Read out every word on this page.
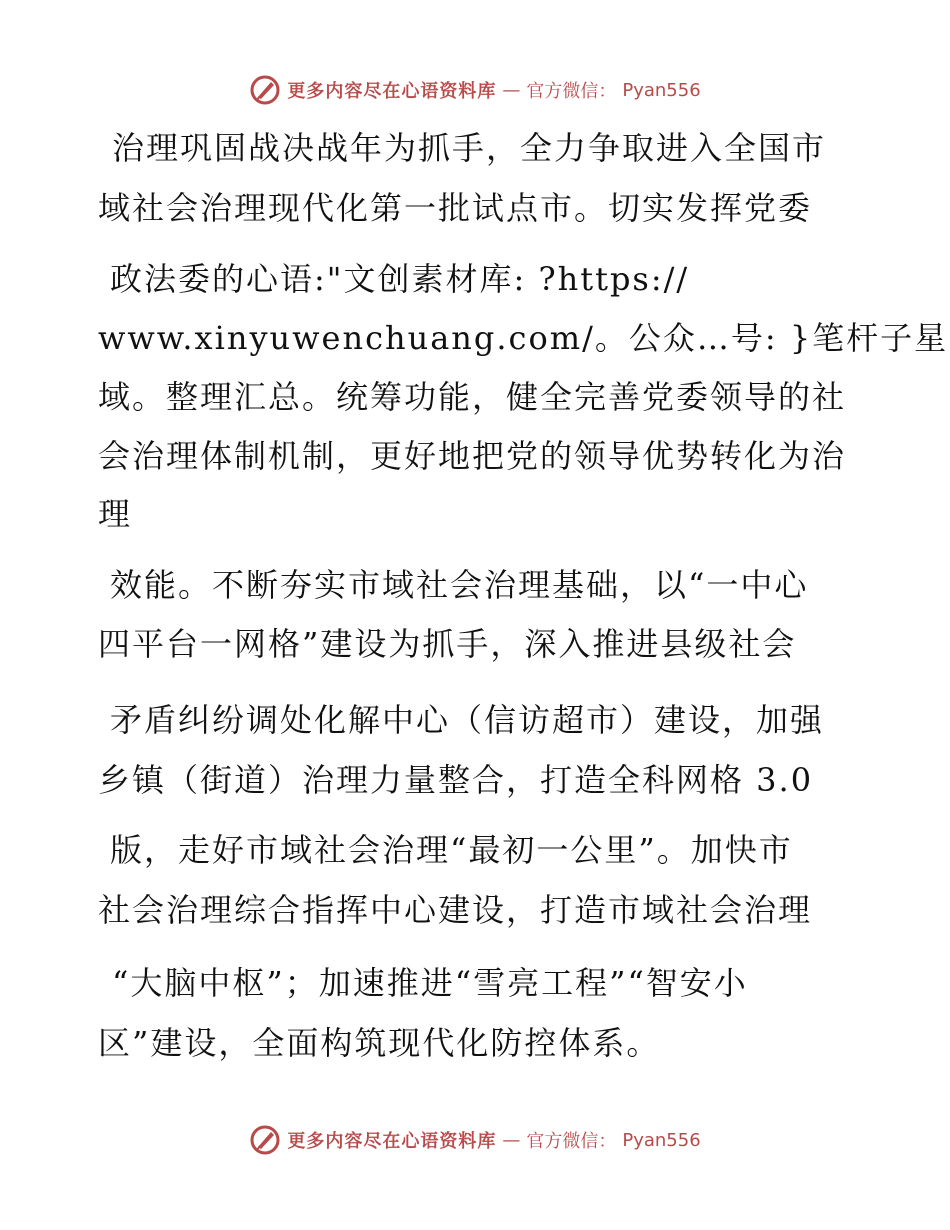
更多内容尽在心语资料库 — 官方微信： Pyan556
治理巩固战决战年为抓手，全力争取进入全国市
域社会治理现代化第一批试点市。切实发挥党委
政法委的心语:"文创素材库: ?https://
www.xinyuwenchuang.com/。公众…号: }笔杆子星
域。整理汇总。统筹功能，健全完善党委领导的社
会治理体制机制，更好地把党的领导优势转化为治
理
效能。不断夯实市域社会治理基础，以“一中心
四平台一网格”建设为抓手，深入推进县级社会
矛盾纠纷调处化解中心（信访超市）建设，加强
乡镇（街道）治理力量整合，打造全科网格 3.0
版，走好市域社会治理“最初一公里”。加快市
社会治理综合指挥中心建设，打造市域社会治理
“大脑中枢”；加速推进“雪亮工程”“智安小
区”建设，全面构筑现代化防控体系。
更多内容尽在心语资料库 — 官方微信： Pyan556
